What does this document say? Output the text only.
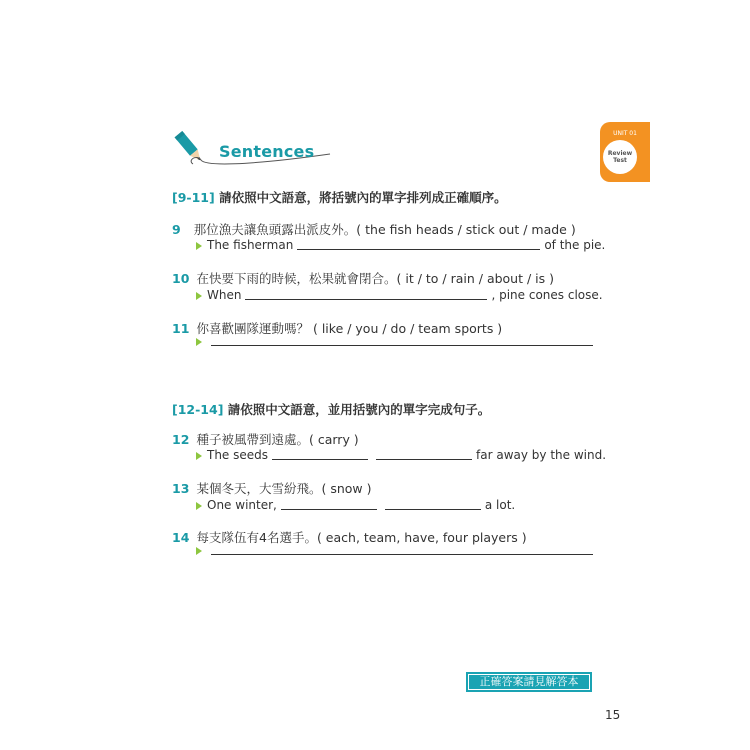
Sentences
UNIT 01
Review
Test
[9-11] 請依照中文語意，將括號內的單字排列成正確順序。
9 那位漁夫讓魚頭露出派皮外。( the fish heads / stick out / made )
The fisherman	of the pie.
10 在快要下雨的時候，松果就會閉合。( it / to / rain / about / is )
When	, pine cones close.
11 你喜歡團隊運動嗎？ ( like / you / do / team sports )
[12-14] 請依照中文語意，並用括號內的單字完成句子。
12 種子被風帶到遠處。( carry )
The seeds	far away by the wind.
13 某個冬天，大雪紛飛。( snow )
One winter,	a lot.
14 每支隊伍有4名選手。( each, team, have, four players )
正確答案請見解答本 p.50
15
